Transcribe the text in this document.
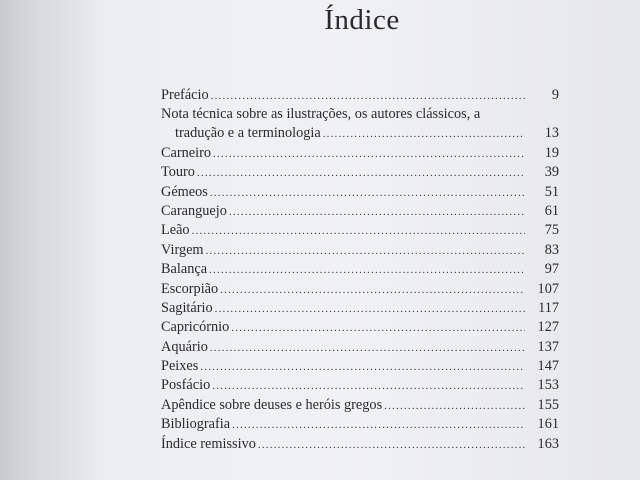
Índice
Prefácio .....	9
Nota técnica sobre as ilustrações, os autores clássicos, a
tradução e a terminologia .....	13
Carneiro .....	19
Touro .....	39
Gémeos .....	51
Caranguejo .....	61
Leão .....	75
Virgem .....	83
Balança .....	97
Escorpião .....	107
Sagitário .....	117
Capricórnio .....	127
Aquário .....	137
Peixes .....	147
Posfácio .....	153
Apêndice sobre deuses e heróis gregos .....	155
Bibliografia .....	161
Índice remissivo .....	163
